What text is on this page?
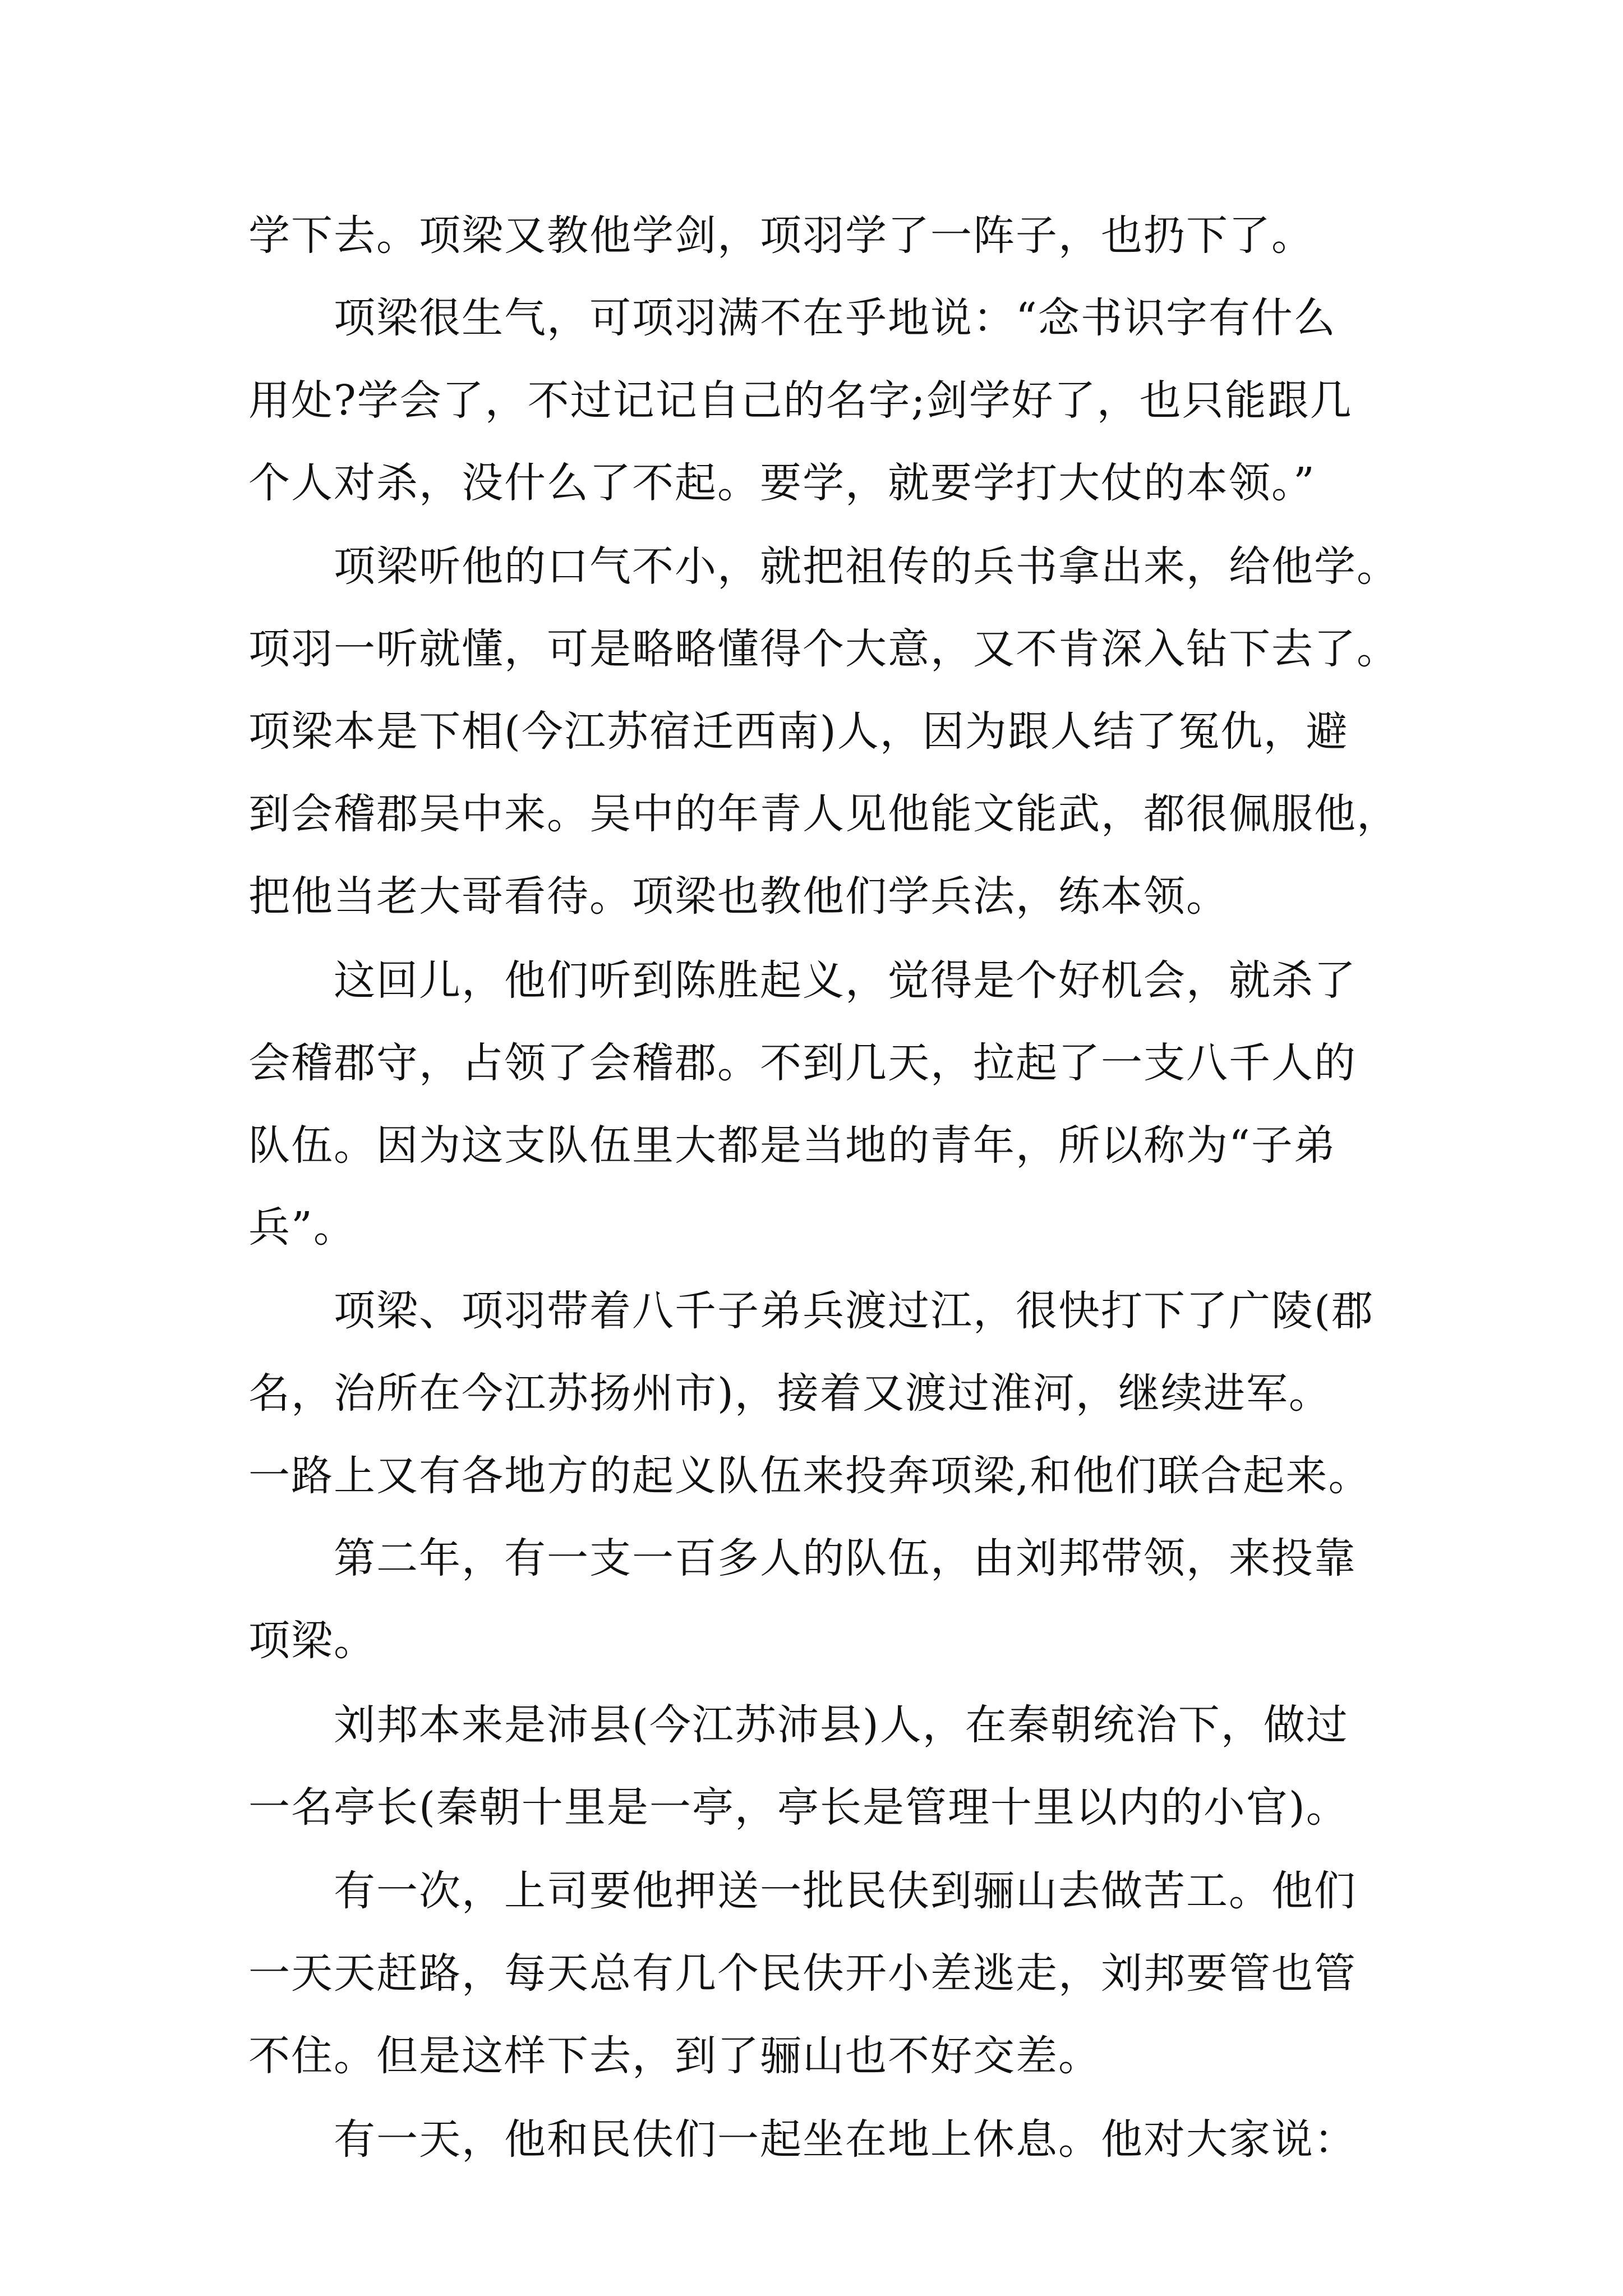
学下去。项梁又教他学剑，项羽学了一阵子，也扔下了。
项梁很生气，可项羽满不在乎地说：“念书识字有什么
用处?学会了，不过记记自己的名字;剑学好了，也只能跟几
个人对杀，没什么了不起。要学，就要学打大仗的本领。”
项梁听他的口气不小，就把祖传的兵书拿出来，给他学。
项羽一听就懂，可是略略懂得个大意，又不肯深入钻下去了。
项梁本是下相(今江苏宿迁西南)人，因为跟人结了冤仇，避
到会稽郡吴中来。吴中的年青人见他能文能武，都很佩服他，
把他当老大哥看待。项梁也教他们学兵法，练本领。
这回儿，他们听到陈胜起义，觉得是个好机会，就杀了
会稽郡守，占领了会稽郡。不到几天，拉起了一支八千人的
队伍。因为这支队伍里大都是当地的青年，所以称为“子弟
兵”。
项梁、项羽带着八千子弟兵渡过江，很快打下了广陵(郡
名，治所在今江苏扬州市)，接着又渡过淮河，继续进军。
一路上又有各地方的起义队伍来投奔项梁,和他们联合起来。
第二年，有一支一百多人的队伍，由刘邦带领，来投靠
项梁。
刘邦本来是沛县(今江苏沛县)人，在秦朝统治下，做过
一名亭长(秦朝十里是一亭，亭长是管理十里以内的小官)。
有一次，上司要他押送一批民伕到骊山去做苦工。他们
一天天赶路，每天总有几个民伕开小差逃走，刘邦要管也管
不住。但是这样下去，到了骊山也不好交差。
有一天，他和民伕们一起坐在地上休息。他对大家说：
